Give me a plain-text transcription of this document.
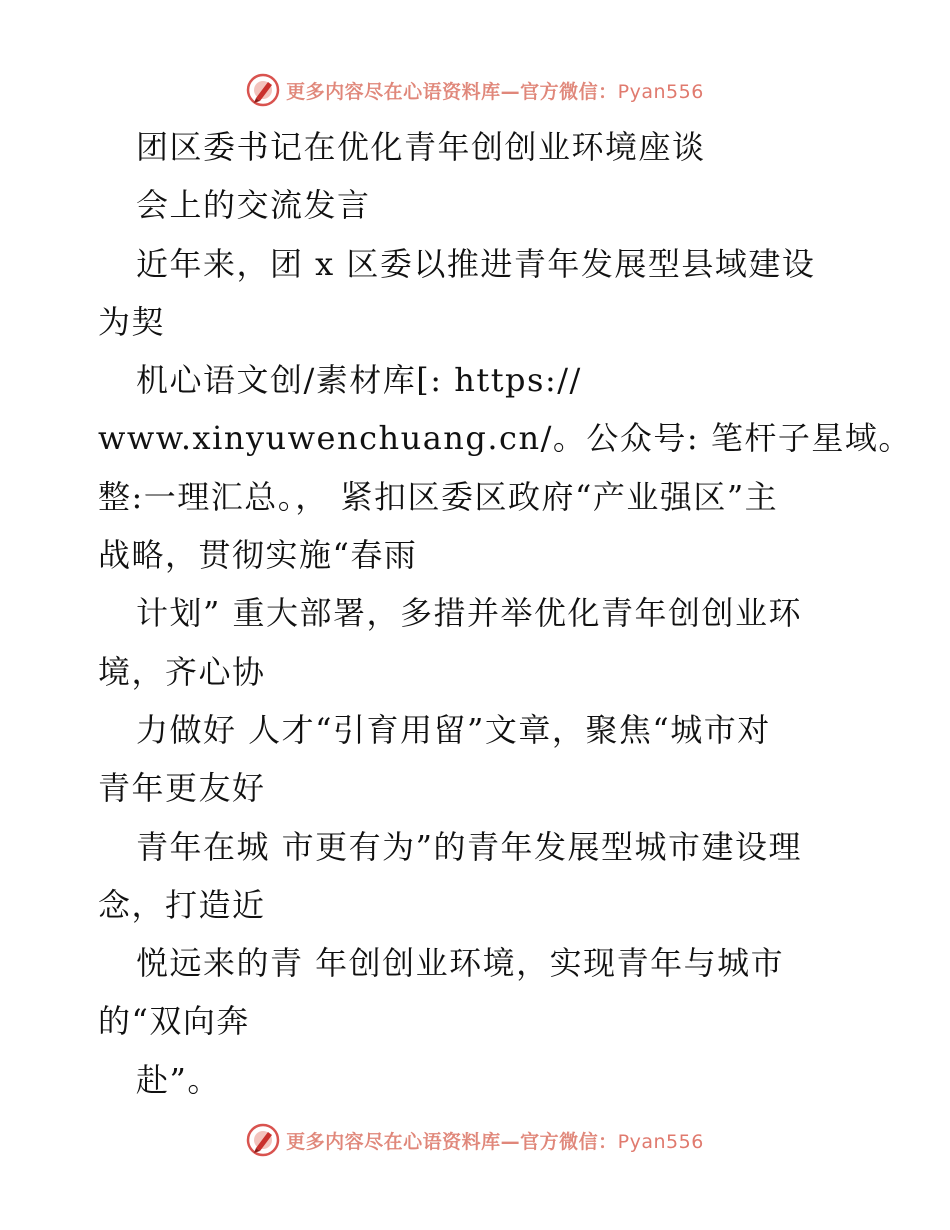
更多内容尽在心语资料库—官方微信：Pyan556
团区委书记在优化青年创创业环境座谈
会上的交流发言
近年来，团 x 区委以推进青年发展型县域建设
为契
机心语文创/素材库[: https://
www.xinyuwenchuang.cn/。公众号: 笔杆子星域。
整:一理汇总。， 紧扣区委区政府“产业强区”主
战略，贯彻实施“春雨
计划” 重大部署，多措并举优化青年创创业环
境，齐心协
力做好 人才“引育用留”文章，聚焦“城市对
青年更友好
青年在城 市更有为”的青年发展型城市建设理
念，打造近
悦远来的青 年创创业环境，实现青年与城市
的“双向奔
赴”。
更多内容尽在心语资料库—官方微信：Pyan556
